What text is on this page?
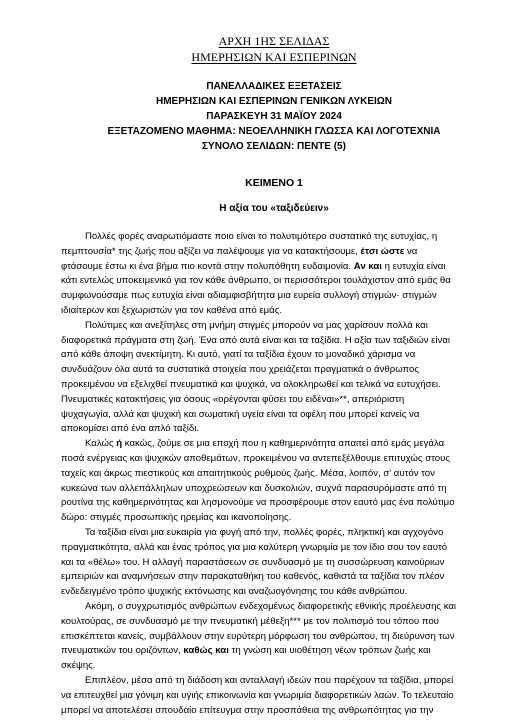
ΑΡΧΗ 1ΗΣ ΣΕΛΙΔΑΣ

ΗΜΕΡΗΣΙΩΝ ΚΑΙ ΕΣΠΕΡΙΝΩΝ

ΠΑΝΕΛΛΑΔΙΚΕΣ ΕΞΕΤΑΣΕΙΣ
ΗΜΕΡΗΣΙΩΝ ΚΑΙ ΕΣΠΕΡΙΝΩΝ ΓΕΝΙΚΩΝ ΛΥΚΕΙΩΝ
ΠΑΡΑΣΚΕΥΗ 31 ΜΑΪΟΥ 2024
ΕΞΕΤΑΖΟΜΕΝΟ ΜΑΘΗΜΑ: ΝΕΟΕΛΛΗΝΙΚΗ ΓΛΩΣΣΑ ΚΑΙ ΛΟΓΟΤΕΧΝΙΑ
ΣΥΝΟΛΟ ΣΕΛΙΔΩΝ: ΠΕΝΤΕ (5)
ΚΕΙΜΕΝΟ 1
Η αξία του «ταξιδεύειν»
Πολλές φορές αναρωτιόμαστε ποιο είναι το πολυτιμότερο συστατικό της ευτυχίας, η
πεμπτουσία* της ζωής που αξίζει να παλέψουμε για να κατακτήσουμε, έτσι ώστε να
φτάσουμε έστω κι ένα βήμα πιο κοντά στην πολυπόθητη ευδαιμονία. Αν και η ευτυχία είναι
κάτι εντελώς υποκειμενικό για τον κάθε άνθρωπο, οι περισσότεροι τουλάχιστον από εμάς θα
συμφωνούσαμε πως ευτυχία είναι αδιαμφισβήτητα μια ευρεία συλλογή στιγμών· στιγμών
ιδιαίτερων και ξεχωριστών για τον καθένα από εμάς.
Πολύτιμες και ανεξίτηλες στη μνήμη στιγμές μπορούν να μας χαρίσουν πολλά και
διαφορετικά πράγματα στη ζωή. Ένα από αυτά είναι και τα ταξίδια. Η αξία των ταξιδιών είναι
από κάθε άποψη ανεκτίμητη. Κι αυτό, γιατί τα ταξίδια έχουν το μοναδικό χάρισμα να
συνδυάζουν όλα αυτά τα συστατικά στοιχεία που χρειάζεται πραγματικά ο άνθρωπος
προκειμένου να εξελιχθεί πνευματικά και ψυχικά, να ολοκληρωθεί και τελικά να ευτυχήσει.
Πνευματικές κατακτήσεις για όσους «ορέγονται φύσει του ειδέναι»**, απεριόριστη
ψυχαγωγία, αλλά και ψυχική και σωματική υγεία είναι τα οφέλη που μπορεί κανείς να
αποκομίσει από ένα απλό ταξίδι.
Καλώς ή κακώς, ζούμε σε μια εποχή που η καθημερινότητα απαιτεί από εμάς μεγάλα
ποσά ενέργειας και ψυχικών αποθεμάτων, προκειμένου να αντεπεξέλθουμε επιτυχώς στους
ταχείς και άκρως πιεστικούς και απαιτητικούς ρυθμούς ζωής. Μέσα, λοιπόν, σ' αυτόν τον
κυκεώνα των αλλεπάλληλων υποχρεώσεων και δυσκολιών, συχνά παρασυρόμαστε από τη
ρουτίνα της καθημερινότητας και λησμονούμε να προσφέρουμε στον εαυτό μας ένα πολύτιμο
δώρο: στιγμές προσωπικής ηρεμίας και ικανοποίησης.
Τα ταξίδια είναι μια ευκαιρία για φυγή από την, πολλές φορές, πληκτική και αγχογόνο
πραγματικότητα, αλλά και ένας τρόπος για μια καλύτερη γνωριμία με τον ίδιο σου τον εαυτό
και τα «θέλω» του. Η αλλαγή παραστάσεων σε συνδυασμό με τη συσσώρευση καινούριων
εμπειριών και αναμνήσεων στην παρακαταθήκη του καθενός, καθιστά τα ταξίδια τον πλέον
ενδεδειγμένο τρόπο ψυχικής εκτόνωσης και αναζωογόνησης του κάθε ανθρώπου.
Ακόμη, ο συγχρωτισμός ανθρώπων ενδεχομένως διαφορετικής εθνικής προέλευσης και
κουλτούρας, σε συνδυασμό με την πνευματική μέθεξη*** με τον πολιτισμό του τόπου που
επισκέπτεται κανείς, συμβάλλουν στην ευρύτερη μόρφωση του ανθρώπου, τη διεύρυνση των
πνευματικών του οριζόντων, καθώς και τη γνώση και υιοθέτηση νέων τρόπων ζωής και
σκέψης.
Επιπλέον, μέσα από τη διάδοση και ανταλλαγή ιδεών που παρέχουν τα ταξίδια, μπορεί
να επιτευχθεί μια γόνιμη και υγιής επικοινωνία και γνωριμία διαφορετικών λαών. Το τελευταίο
μπορεί να αποτελέσει σπουδαίο επίτευγμα στην προσπάθεια της ανθρωπότητας για την
